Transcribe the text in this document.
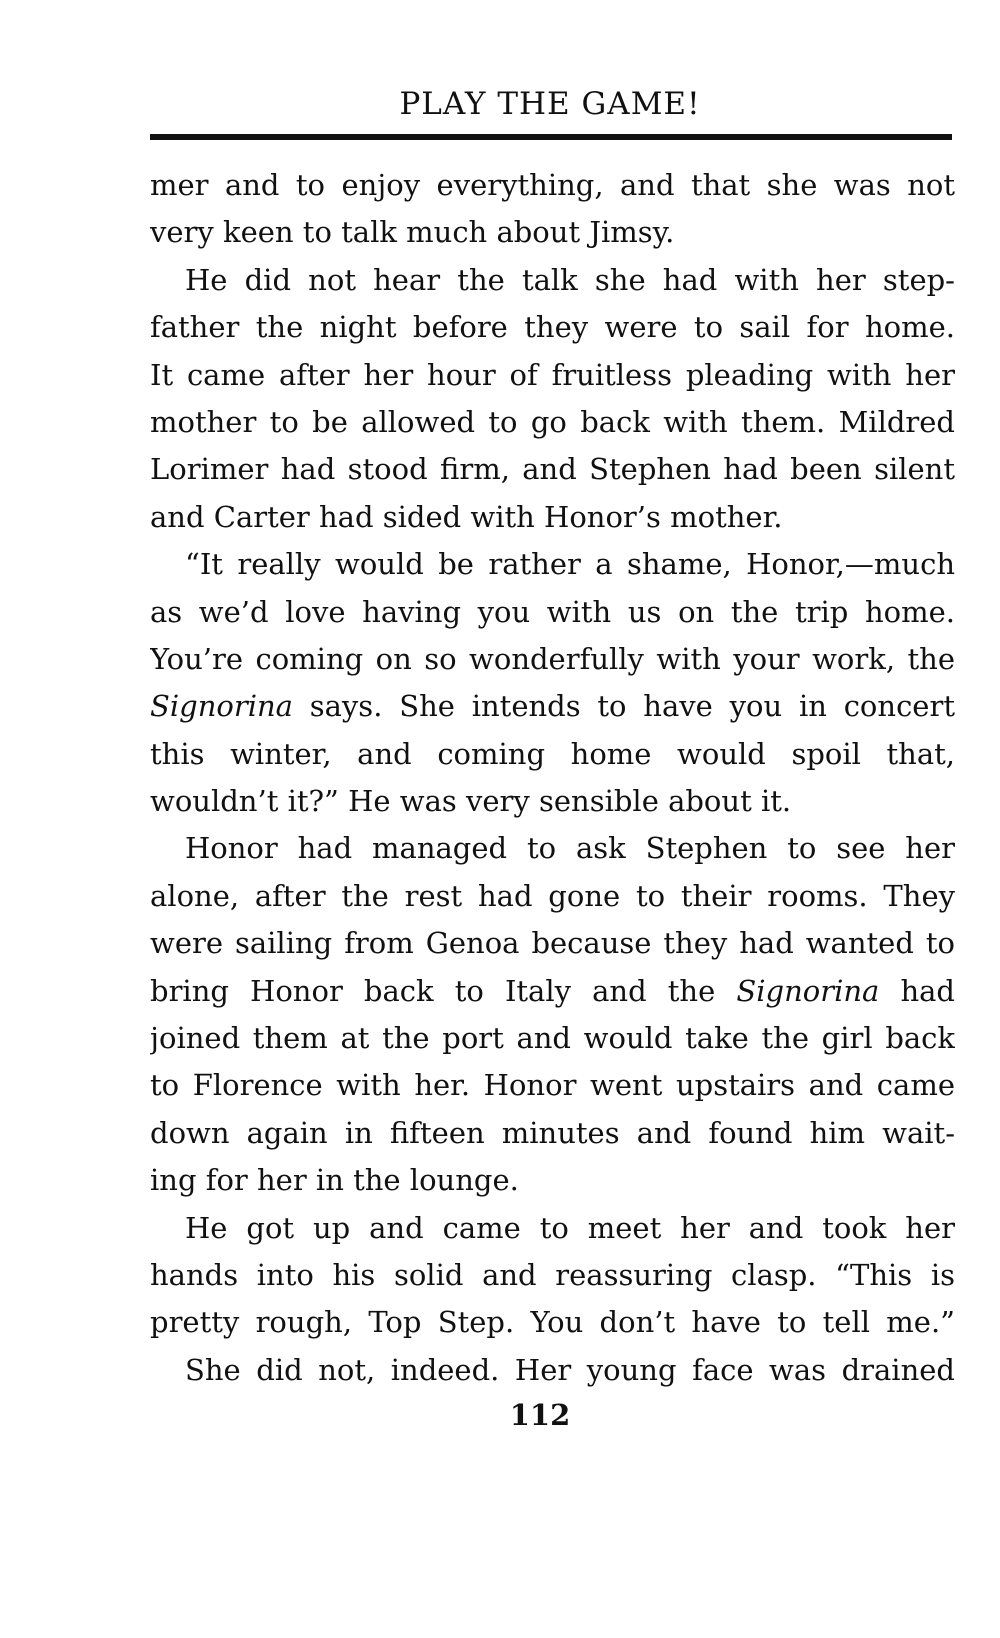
PLAY THE GAME!
mer and to enjoy everything, and that she was not
very keen to talk much about Jimsy.
He did not hear the talk she had with her step-
father the night before they were to sail for home.
It came after her hour of fruitless pleading with her
mother to be allowed to go back with them. Mildred
Lorimer had stood firm, and Stephen had been silent
and Carter had sided with Honor’s mother.
“It really would be rather a shame, Honor,—much
as we’d love having you with us on the trip home.
You’re coming on so wonderfully with your work, the
Signorina says. She intends to have you in concert
this winter, and coming home would spoil that,
wouldn’t it?” He was very sensible about it.
Honor had managed to ask Stephen to see her
alone, after the rest had gone to their rooms. They
were sailing from Genoa because they had wanted to
bring Honor back to Italy and the Signorina had
joined them at the port and would take the girl back
to Florence with her. Honor went upstairs and came
down again in fifteen minutes and found him wait-
ing for her in the lounge.
He got up and came to meet her and took her
hands into his solid and reassuring clasp. “This is
pretty rough, Top Step. You don’t have to tell me.”
She did not, indeed. Her young face was drained
112
